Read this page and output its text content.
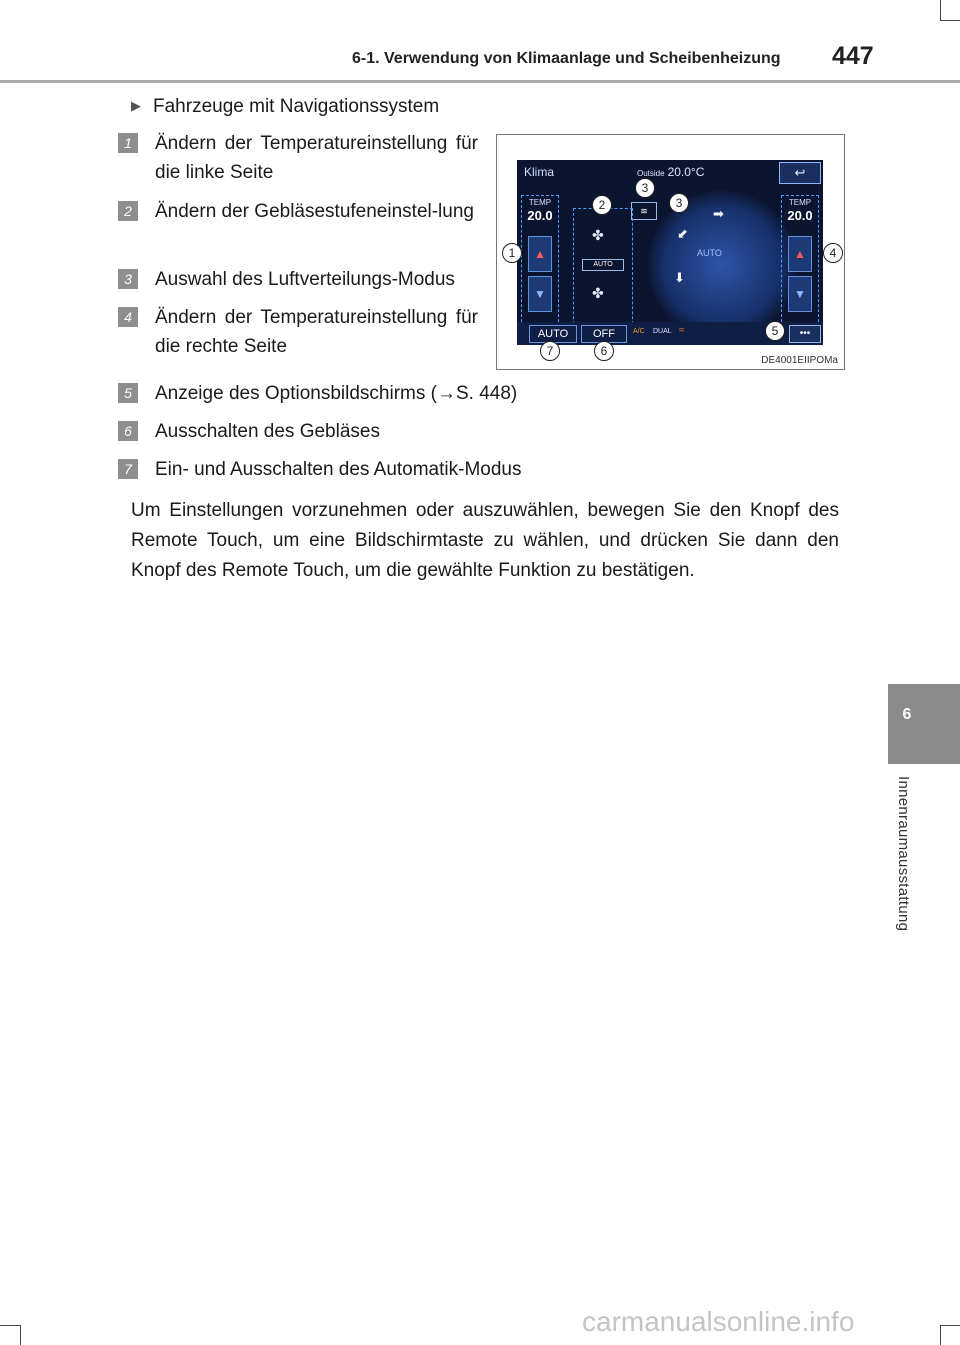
6-1. Verwendung von Klimaanlage und Scheibenheizung 447
6
Innenraumausstattung
▶ Fahrzeuge mit Navigationssystem
1	Ändern der Temperatureinstellung für die linke Seite
2	Ändern der Gebläsestufeneinstel-lung
3	Auswahl des Luftverteilungs-Modus
4	Ändern der Temperatureinstellung für die rechte Seite
5	Anzeige des Optionsbildschirms (→S. 448)
6	Ausschalten des Gebläses
7	Ein- und Ausschalten des Automatik-Modus
Um Einstellungen vorzunehmen oder auszuwählen, bewegen Sie den Knopf des Remote Touch, um eine Bildschirmtaste zu wählen, und drücken Sie dann den Knopf des Remote Touch, um die gewählte Funktion zu bestätigen.
Klima	Outside 20.0°C	↩
AUTO
➡
⬋
⬇
≋
TEMP
20.0
▲
▼
TEMP
20.0
▲
▼
✤
AUTO
✤
AUTO	OFF	A/C DUAL ≈	•••
1
2
3
3
4
5
6
7
DE4001EIIPOMa
carmanualsonline.info
